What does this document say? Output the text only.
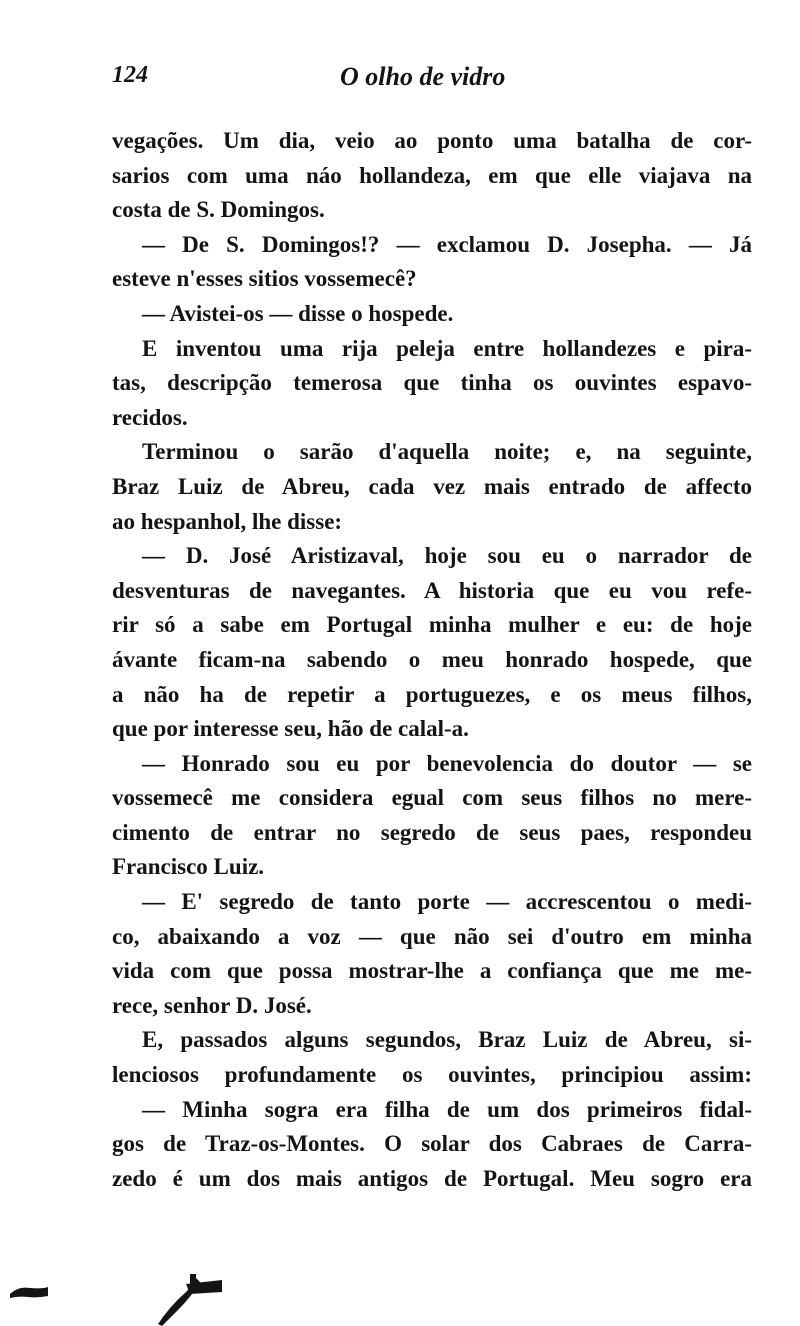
124	O olho de vidro
vegações. Um dia, veio ao ponto uma batalha de cor-
sarios com uma náo hollandeza, em que elle viajava na
costa de S. Domingos.
— De S. Domingos!? — exclamou D. Josepha. — Já
esteve n'esses sitios vossemecê?
— Avistei-os — disse o hospede.
E inventou uma rija peleja entre hollandezes e pira-
tas, descripção temerosa que tinha os ouvintes espavo-
recidos.
Terminou o sarão d'aquella noite; e, na seguinte,
Braz Luiz de Abreu, cada vez mais entrado de affecto
ao hespanhol, lhe disse:
— D. José Aristizaval, hoje sou eu o narrador de
desventuras de navegantes. A historia que eu vou refe-
rir só a sabe em Portugal minha mulher e eu: de hoje
ávante ficam-na sabendo o meu honrado hospede, que
a não ha de repetir a portuguezes, e os meus filhos,
que por interesse seu, hão de calal-a.
— Honrado sou eu por benevolencia do doutor — se
vossemecê me considera egual com seus filhos no mere-
cimento de entrar no segredo de seus paes, respondeu
Francisco Luiz.
— E' segredo de tanto porte — accrescentou o medi-
co, abaixando a voz — que não sei d'outro em minha
vida com que possa mostrar-lhe a confiança que me me-
rece, senhor D. José.
E, passados alguns segundos, Braz Luiz de Abreu, si-
lenciosos profundamente os ouvintes, principiou assim:
— Minha sogra era filha de um dos primeiros fidal-
gos de Traz-os-Montes. O solar dos Cabraes de Carra-
zedo é um dos mais antigos de Portugal. Meu sogro era
